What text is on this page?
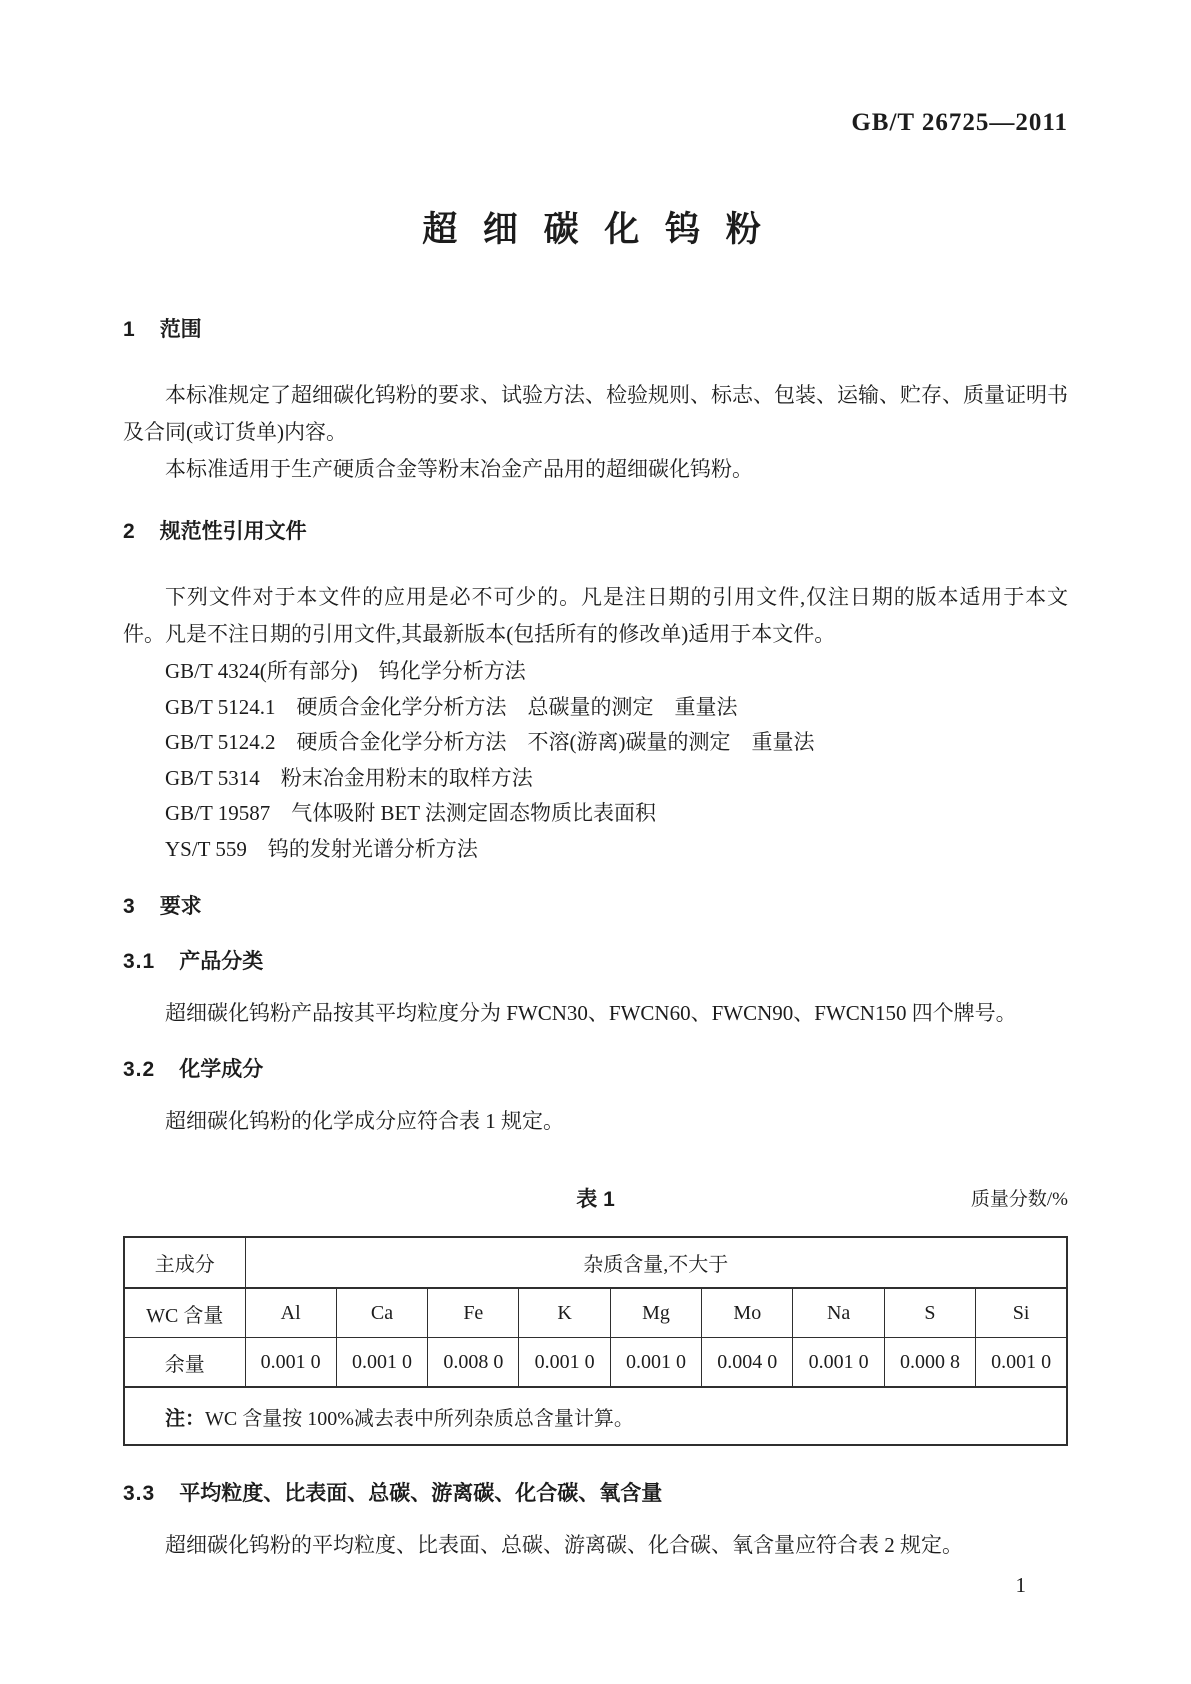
GB/T 26725—2011
超 细 碳 化 钨 粉
1 范围

本标准规定了超细碳化钨粉的要求、试验方法、检验规则、标志、包装、运输、贮存、质量证明书及合同(或订货单)内容。

本标准适用于生产硬质合金等粉末冶金产品用的超细碳化钨粉。

2 规范性引用文件

下列文件对于本文件的应用是必不可少的。凡是注日期的引用文件,仅注日期的版本适用于本文件。凡是不注日期的引用文件,其最新版本(包括所有的修改单)适用于本文件。

GB/T 4324(所有部分)　钨化学分析方法

GB/T 5124.1　硬质合金化学分析方法　总碳量的测定　重量法

GB/T 5124.2　硬质合金化学分析方法　不溶(游离)碳量的测定　重量法

GB/T 5314　粉末冶金用粉末的取样方法

GB/T 19587　气体吸附 BET 法测定固态物质比表面积

YS/T 559　钨的发射光谱分析方法

3 要求
3.1 产品分类

超细碳化钨粉产品按其平均粒度分为 FWCN30、FWCN60、FWCN90、FWCN150 四个牌号。

3.2 化学成分

超细碳化钨粉的化学成分应符合表 1 规定。

表 1	质量分数/%
主成分	杂质含量,不大于								
WC 含量	Al	Ca	Fe	K	Mg	Mo	Na	S	Si
余量	0.001 0	0.001 0	0.008 0	0.001 0	0.001 0	0.004 0	0.001 0	0.000 8	0.001 0
注：WC 含量按 100%减去表中所列杂质总含量计算。									
3.3 平均粒度、比表面、总碳、游离碳、化合碳、氧含量

超细碳化钨粉的平均粒度、比表面、总碳、游离碳、化合碳、氧含量应符合表 2 规定。

1
